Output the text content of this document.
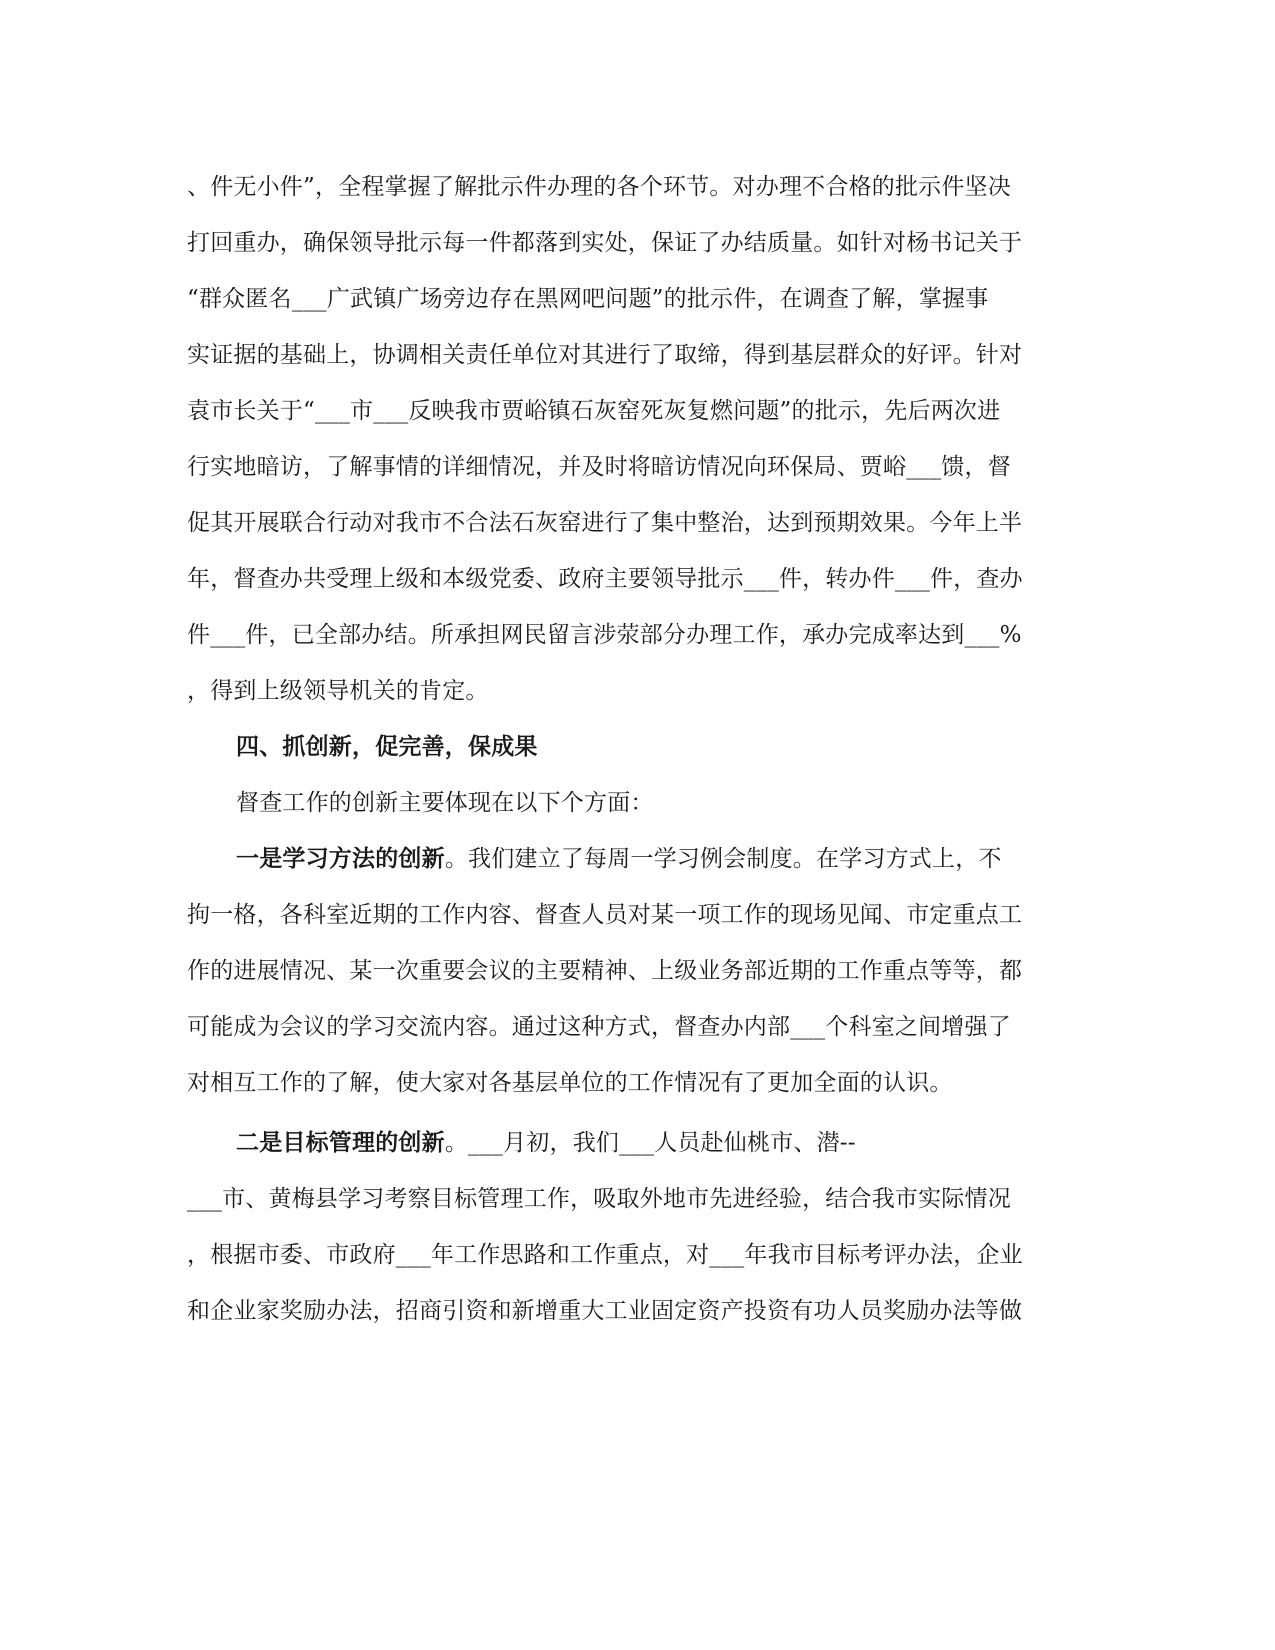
、件无小件”，全程掌握了解批示件办理的各个环节。对办理不合格的批示件坚决
打回重办，确保领导批示每一件都落到实处，保证了办结质量。如针对杨书记关于
“群众匿名___广武镇广场旁边存在黑网吧问题”的批示件，在调查了解，掌握事
实证据的基础上，协调相关责任单位对其进行了取缔，得到基层群众的好评。针对
袁市长关于“___市___反映我市贾峪镇石灰窑死灰复燃问题”的批示，先后两次进
行实地暗访，了解事情的详细情况，并及时将暗访情况向环保局、贾峪___馈，督
促其开展联合行动对我市不合法石灰窑进行了集中整治，达到预期效果。今年上半
年，督查办共受理上级和本级党委、政府主要领导批示___件，转办件___件，查办
件___件，已全部办结。所承担网民留言涉荥部分办理工作，承办完成率达到___%
，得到上级领导机关的肯定。
四、抓创新，促完善，保成果
督查工作的创新主要体现在以下个方面：
一是学习方法的创新。我们建立了每周一学习例会制度。在学习方式上，不
拘一格，各科室近期的工作内容、督查人员对某一项工作的现场见闻、市定重点工
作的进展情况、某一次重要会议的主要精神、上级业务部近期的工作重点等等，都
可能成为会议的学习交流内容。通过这种方式，督查办内部___个科室之间增强了
对相互工作的了解，使大家对各基层单位的工作情况有了更加全面的认识。
二是目标管理的创新。___月初，我们___人员赴仙桃市、潜--
___市、黄梅县学习考察目标管理工作，吸取外地市先进经验，结合我市实际情况
，根据市委、市政府___年工作思路和工作重点，对___年我市目标考评办法，企业
和企业家奖励办法，招商引资和新增重大工业固定资产投资有功人员奖励办法等做
